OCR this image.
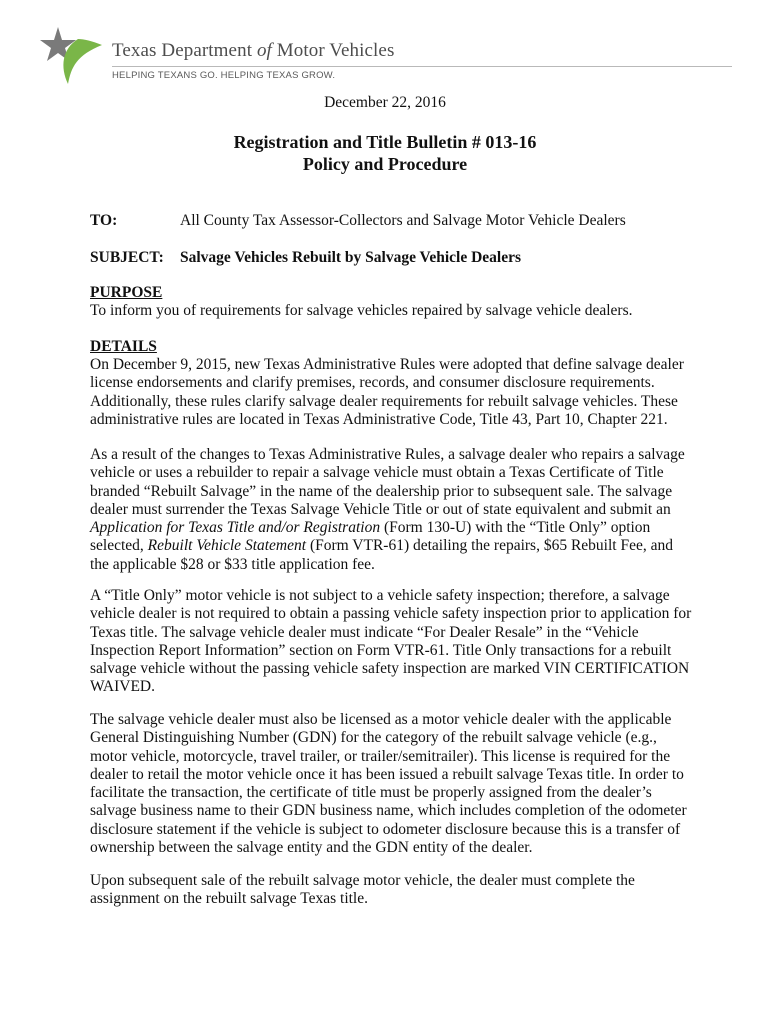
Texas Department of Motor Vehicles
HELPING TEXANS GO. HELPING TEXAS GROW.
December 22, 2016
Registration and Title Bulletin # 013-16
Policy and Procedure
TO:	All County Tax Assessor-Collectors and Salvage Motor Vehicle Dealers
SUBJECT: Salvage Vehicles Rebuilt by Salvage Vehicle Dealers
PURPOSE
To inform you of requirements for salvage vehicles repaired by salvage vehicle dealers.
DETAILS
On December 9, 2015, new Texas Administrative Rules were adopted that define salvage dealer
license endorsements and clarify premises, records, and consumer disclosure requirements.
Additionally, these rules clarify salvage dealer requirements for rebuilt salvage vehicles. These
administrative rules are located in Texas Administrative Code, Title 43, Part 10, Chapter 221.
As a result of the changes to Texas Administrative Rules, a salvage dealer who repairs a salvage
vehicle or uses a rebuilder to repair a salvage vehicle must obtain a Texas Certificate of Title
branded “Rebuilt Salvage” in the name of the dealership prior to subsequent sale. The salvage
dealer must surrender the Texas Salvage Vehicle Title or out of state equivalent and submit an
Application for Texas Title and/or Registration (Form 130-U) with the “Title Only” option
selected, Rebuilt Vehicle Statement (Form VTR-61) detailing the repairs, $65 Rebuilt Fee, and
the applicable $28 or $33 title application fee.
A “Title Only” motor vehicle is not subject to a vehicle safety inspection; therefore, a salvage
vehicle dealer is not required to obtain a passing vehicle safety inspection prior to application for
Texas title. The salvage vehicle dealer must indicate “For Dealer Resale” in the “Vehicle
Inspection Report Information” section on Form VTR-61. Title Only transactions for a rebuilt
salvage vehicle without the passing vehicle safety inspection are marked VIN CERTIFICATION
WAIVED.
The salvage vehicle dealer must also be licensed as a motor vehicle dealer with the applicable
General Distinguishing Number (GDN) for the category of the rebuilt salvage vehicle (e.g.,
motor vehicle, motorcycle, travel trailer, or trailer/semitrailer). This license is required for the
dealer to retail the motor vehicle once it has been issued a rebuilt salvage Texas title. In order to
facilitate the transaction, the certificate of title must be properly assigned from the dealer’s
salvage business name to their GDN business name, which includes completion of the odometer
disclosure statement if the vehicle is subject to odometer disclosure because this is a transfer of
ownership between the salvage entity and the GDN entity of the dealer.
Upon subsequent sale of the rebuilt salvage motor vehicle, the dealer must complete the
assignment on the rebuilt salvage Texas title.
